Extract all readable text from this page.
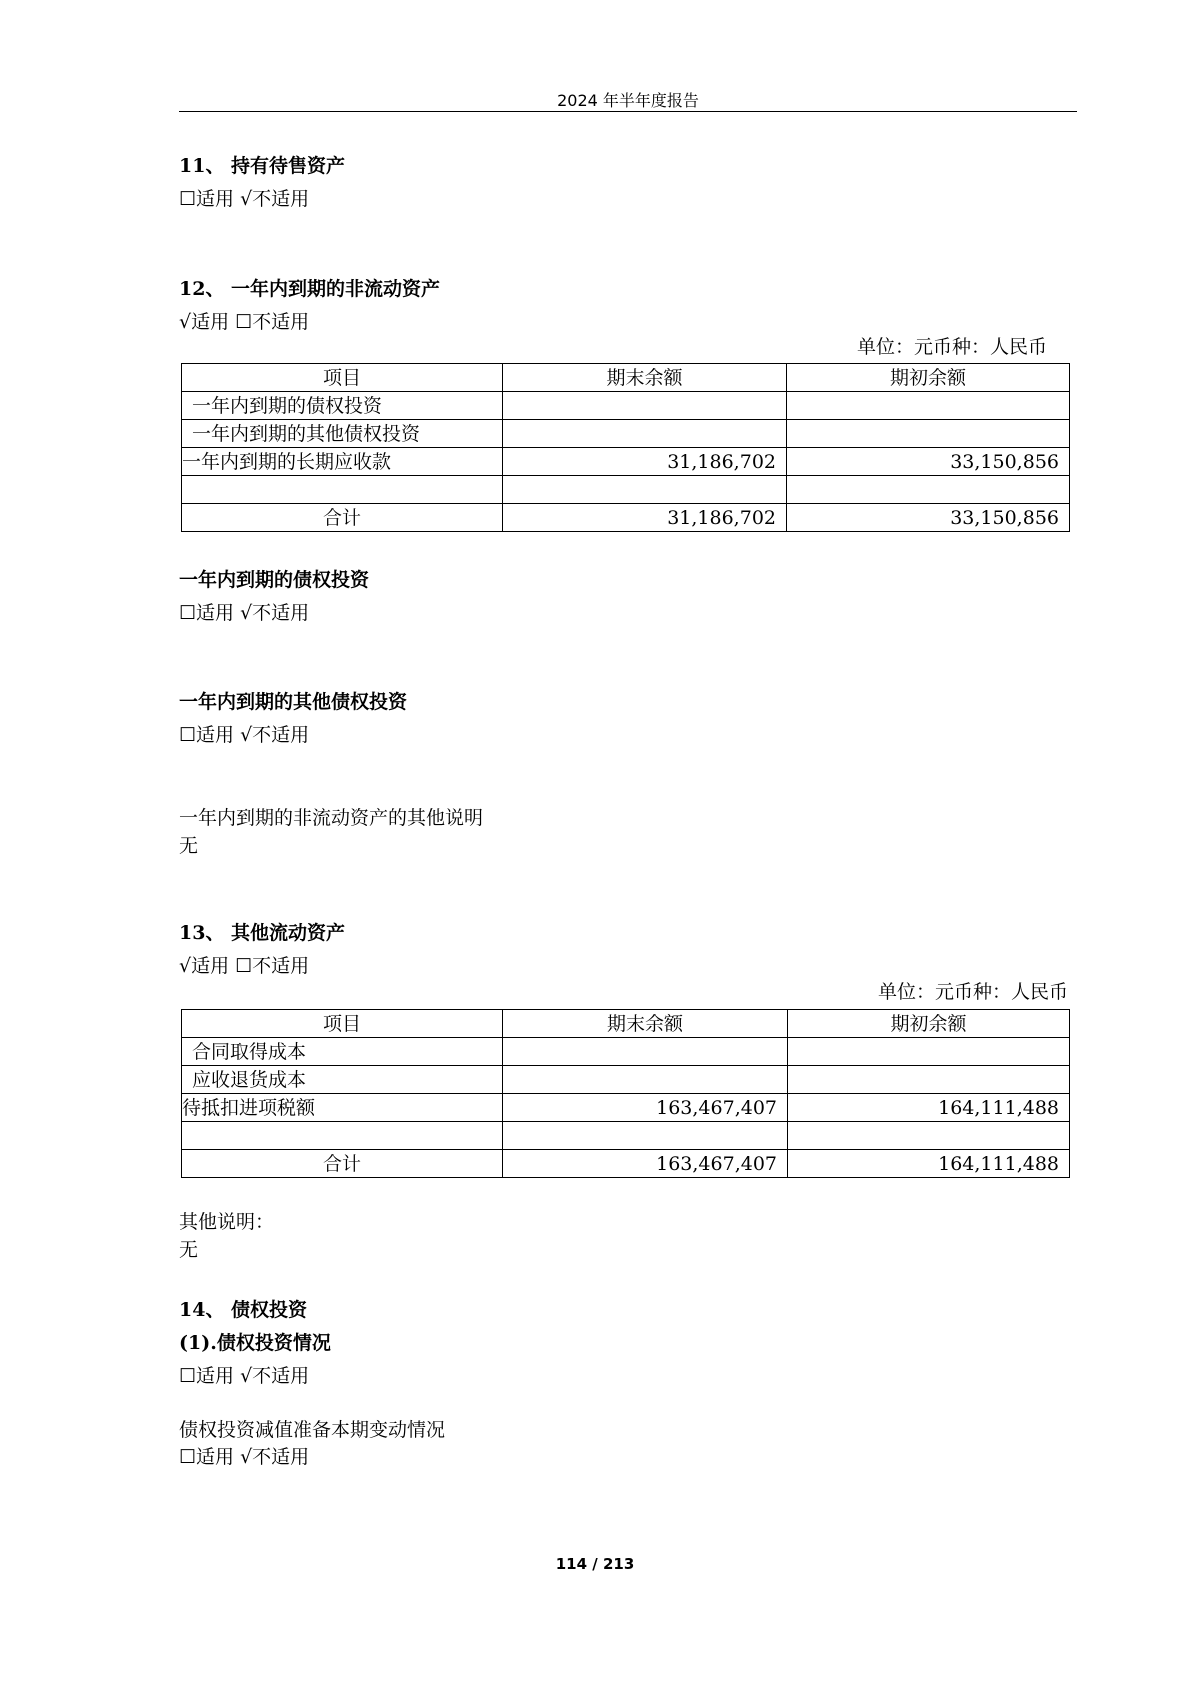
2024 年半年度报告
11、 持有待售资产
☐适用 √不适用
12、 一年内到期的非流动资产
√适用 ☐不适用
单位：元币种：人民币
项目	期末余额	期初余额
一年内到期的债权投资		
一年内到期的其他债权投资		
一年内到期的长期应收款	31,186,702	33,150,856

合计	31,186,702	33,150,856
一年内到期的债权投资
☐适用 √不适用
一年内到期的其他债权投资
☐适用 √不适用
一年内到期的非流动资产的其他说明
无
13、 其他流动资产
√适用 ☐不适用
单位：元币种：人民币
项目	期末余额	期初余额
合同取得成本		
应收退货成本		
待抵扣进项税额	163,467,407	164,111,488

合计	163,467,407	164,111,488
其他说明：
无
14、 债权投资
(1).债权投资情况
☐适用 √不适用
债权投资减值准备本期变动情况
☐适用 √不适用
114 / 213
